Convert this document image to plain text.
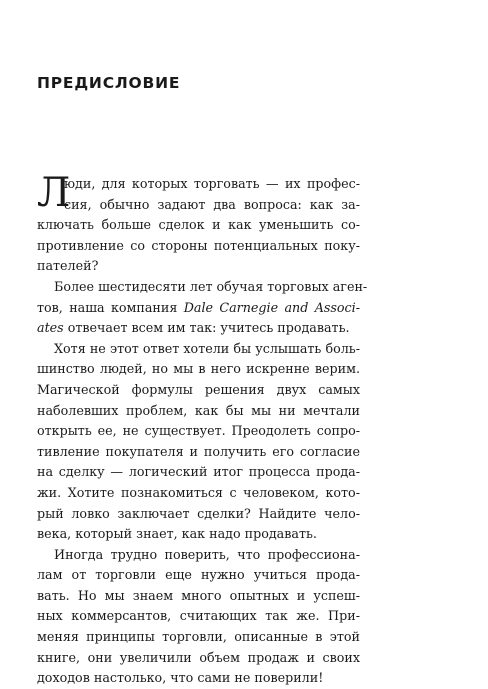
ПРЕДИСЛОВИЕ
Л
юди, для которых торговать — их профес-
сия, обычно задают два вопроса: как за-
ключать больше сделок и как уменьшить со-
противление со стороны потенциальных поку-
пателей?
Более шестидесяти лет обучая торговых аген-
тов, наша компания Dale Carnegie and Associ-
ates отвечает всем им так: учитесь продавать.
Хотя не этот ответ хотели бы услышать боль-
шинство людей, но мы в него искренне верим.
Магической формулы решения двух самых
наболевших проблем, как бы мы ни мечтали
открыть ее, не существует. Преодолеть сопро-
тивление покупателя и получить его согласие
на сделку — логический итог процесса прода-
жи. Хотите познакомиться с человеком, кото-
рый ловко заключает сделки? Найдите чело-
века, который знает, как надо продавать.
Иногда трудно поверить, что профессиона-
лам от торговли еще нужно учиться прода-
вать. Но мы знаем много опытных и успеш-
ных коммерсантов, считающих так же. При-
меняя принципы торговли, описанные в этой
книге, они увеличили объем продаж и своих
доходов настолько, что сами не поверили!
